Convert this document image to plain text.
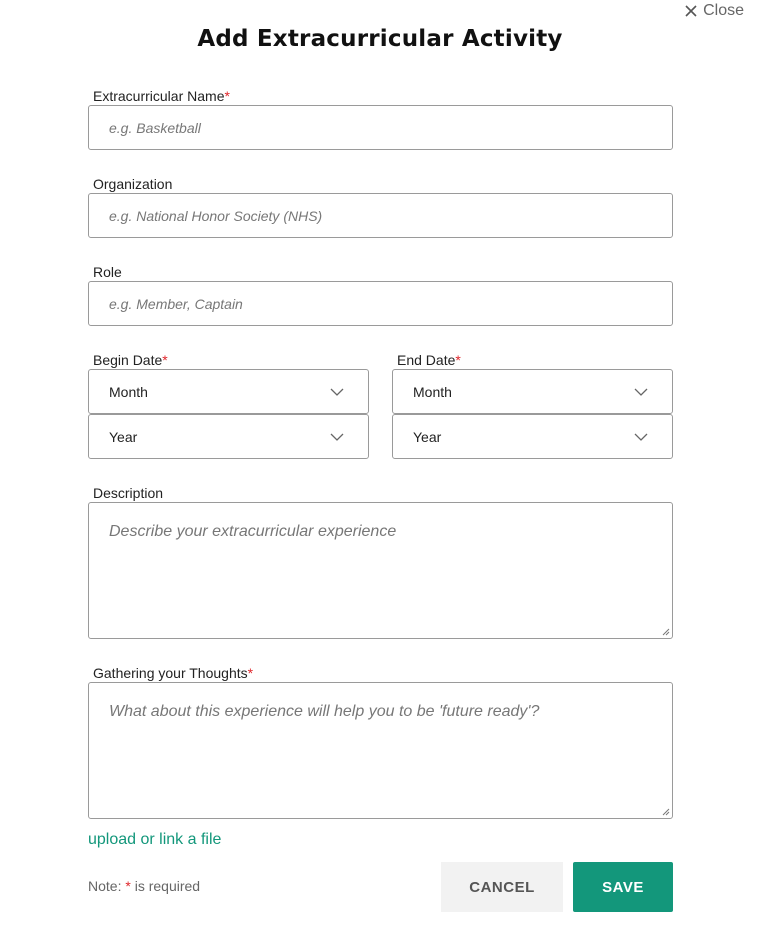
Close
Add Extracurricular Activity
Extracurricular Name*
e.g. Basketball
Organization
e.g. National Honor Society (NHS)
Role
e.g. Member, Captain
Begin Date*
Month
Year
End Date*
Month
Year
Description
Describe your extracurricular experience
Gathering your Thoughts*
What about this experience will help you to be 'future ready'?
upload or link a file
Note: * is required	CANCEL	SAVE
